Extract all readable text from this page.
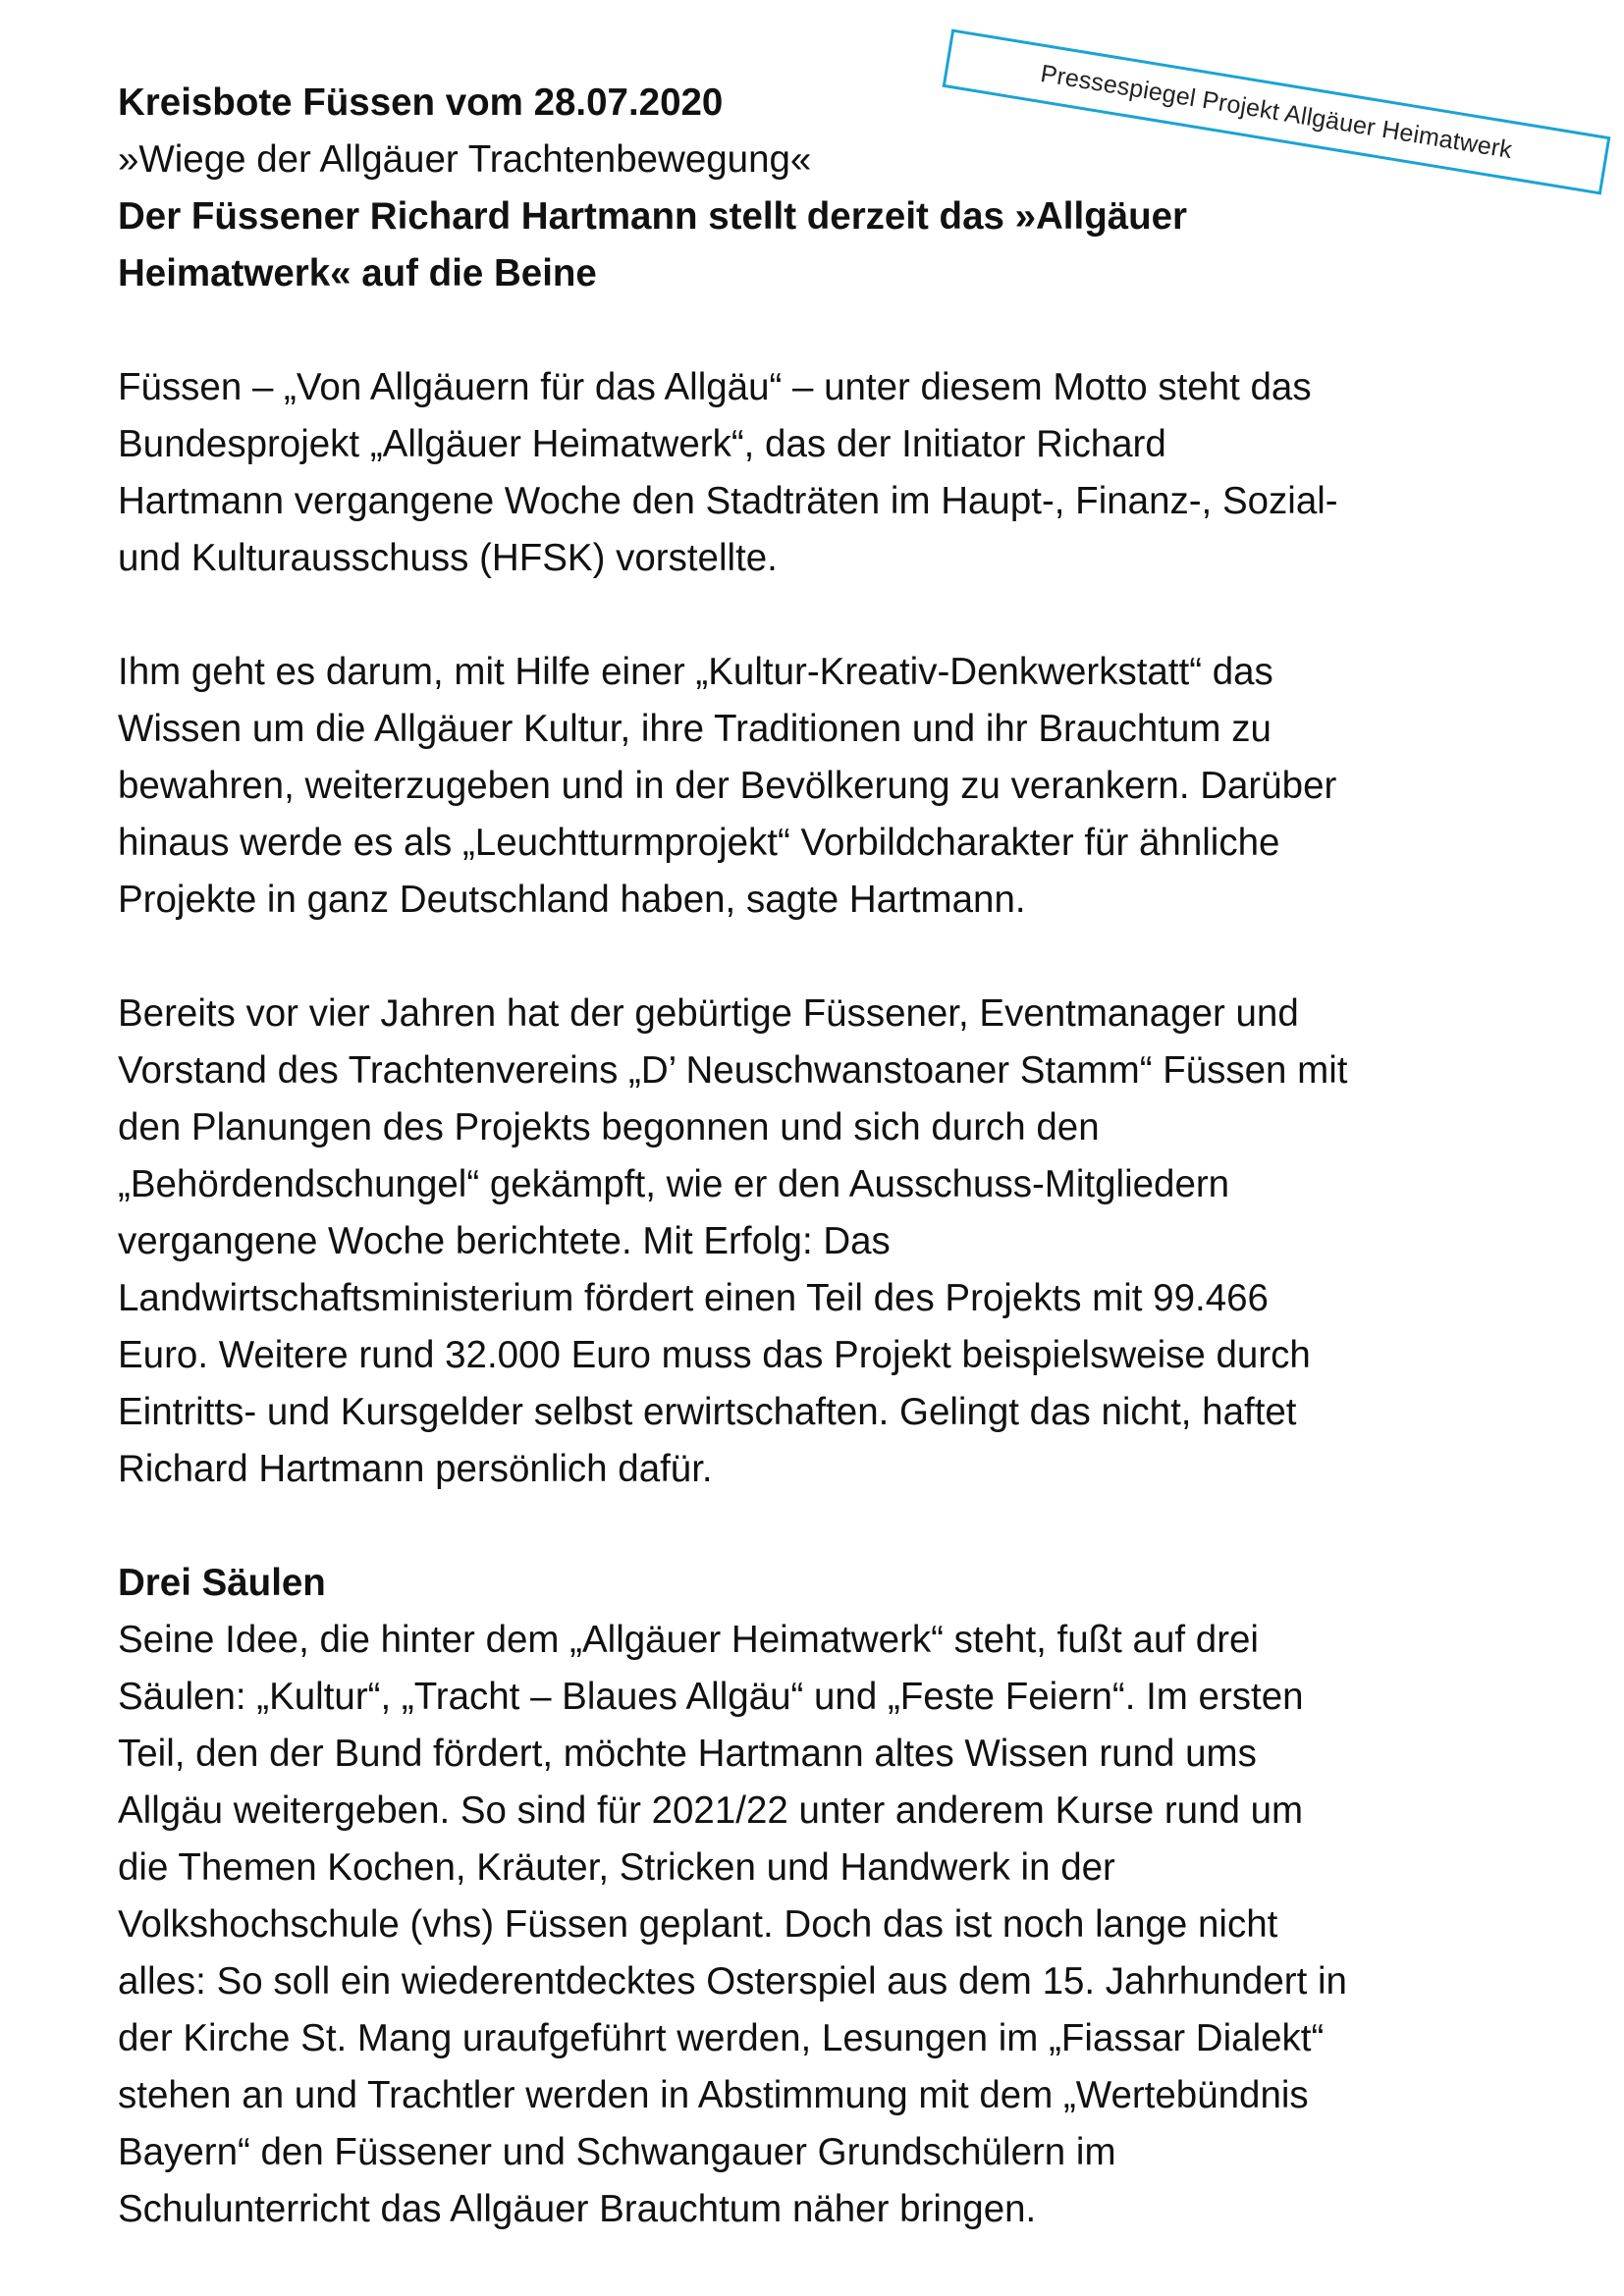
Pressespiegel Projekt Allgäuer Heimatwerk

Kreisbote Füssen vom 28.07.2020

»Wiege der Allgäuer Trachtenbewegung«

Der Füssener Richard Hartmann stellt derzeit das »Allgäuer
Heimatwerk« auf die Beine

Füssen – „Von Allgäuern für das Allgäu“ – unter diesem Motto steht das
Bundesprojekt „Allgäuer Heimatwerk“, das der Initiator Richard
Hartmann vergangene Woche den Stadträten im Haupt-, Finanz-, Sozial-
und Kulturausschuss (HFSK) vorstellte.

Ihm geht es darum, mit Hilfe einer „Kultur-Kreativ-Denkwerkstatt“ das
Wissen um die Allgäuer Kultur, ihre Traditionen und ihr Brauchtum zu
bewahren, weiterzugeben und in der Bevölkerung zu verankern. Darüber
hinaus werde es als „Leuchtturmprojekt“ Vorbildcharakter für ähnliche
Projekte in ganz Deutschland haben, sagte Hartmann.

Bereits vor vier Jahren hat der gebürtige Füssener, Eventmanager und
Vorstand des Trachtenvereins „D’ Neuschwanstoaner Stamm“ Füssen mit
den Planungen des Projekts begonnen und sich durch den
„Behördendschungel“ gekämpft, wie er den Ausschuss-Mitgliedern
vergangene Woche berichtete. Mit Erfolg: Das
Landwirtschaftsministerium fördert einen Teil des Projekts mit 99.466
Euro. Weitere rund 32.000 Euro muss das Projekt beispielsweise durch
Eintritts- und Kursgelder selbst erwirtschaften. Gelingt das nicht, haftet
Richard Hartmann persönlich dafür.

Drei Säulen

Seine Idee, die hinter dem „Allgäuer Heimatwerk“ steht, fußt auf drei
Säulen: „Kultur“, „Tracht – Blaues Allgäu“ und „Feste Feiern“. Im ersten
Teil, den der Bund fördert, möchte Hartmann altes Wissen rund ums
Allgäu weitergeben. So sind für 2021/22 unter anderem Kurse rund um
die Themen Kochen, Kräuter, Stricken und Handwerk in der
Volkshochschule (vhs) Füssen geplant. Doch das ist noch lange nicht
alles: So soll ein wiederentdecktes Osterspiel aus dem 15. Jahrhundert in
der Kirche St. Mang uraufgeführt werden, Lesungen im „Fiassar Dialekt“
stehen an und Trachtler werden in Abstimmung mit dem „Wertebündnis
Bayern“ den Füssener und Schwangauer Grundschülern im
Schulunterricht das Allgäuer Brauchtum näher bringen.
